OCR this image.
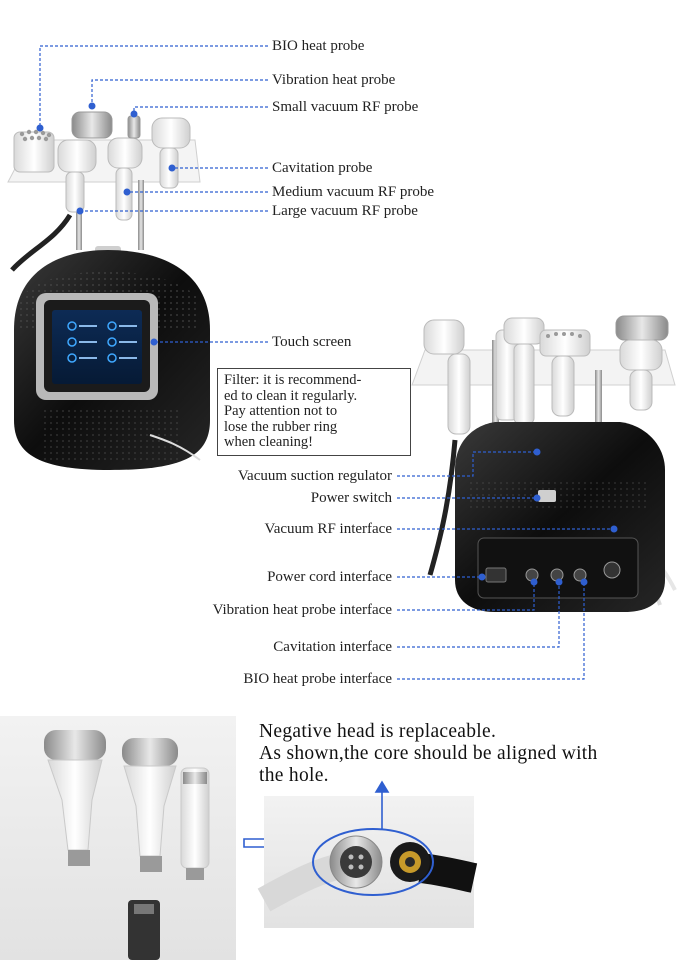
BIO heat probe
Vibration heat probe
Small vacuum RF probe
Cavitation probe
Medium vacuum RF probe
Large vacuum RF probe
Touch screen
Filter: it is recommend-
ed to clean it regularly.
Pay attention not to
lose the rubber ring
when cleaning!
Vacuum suction regulator
Power switch
Vacuum RF interface
Power cord interface
Vibration heat probe interface
Cavitation interface
BIO heat probe interface
Negative head is replaceable.
As shown,the core should be aligned with
the hole.
